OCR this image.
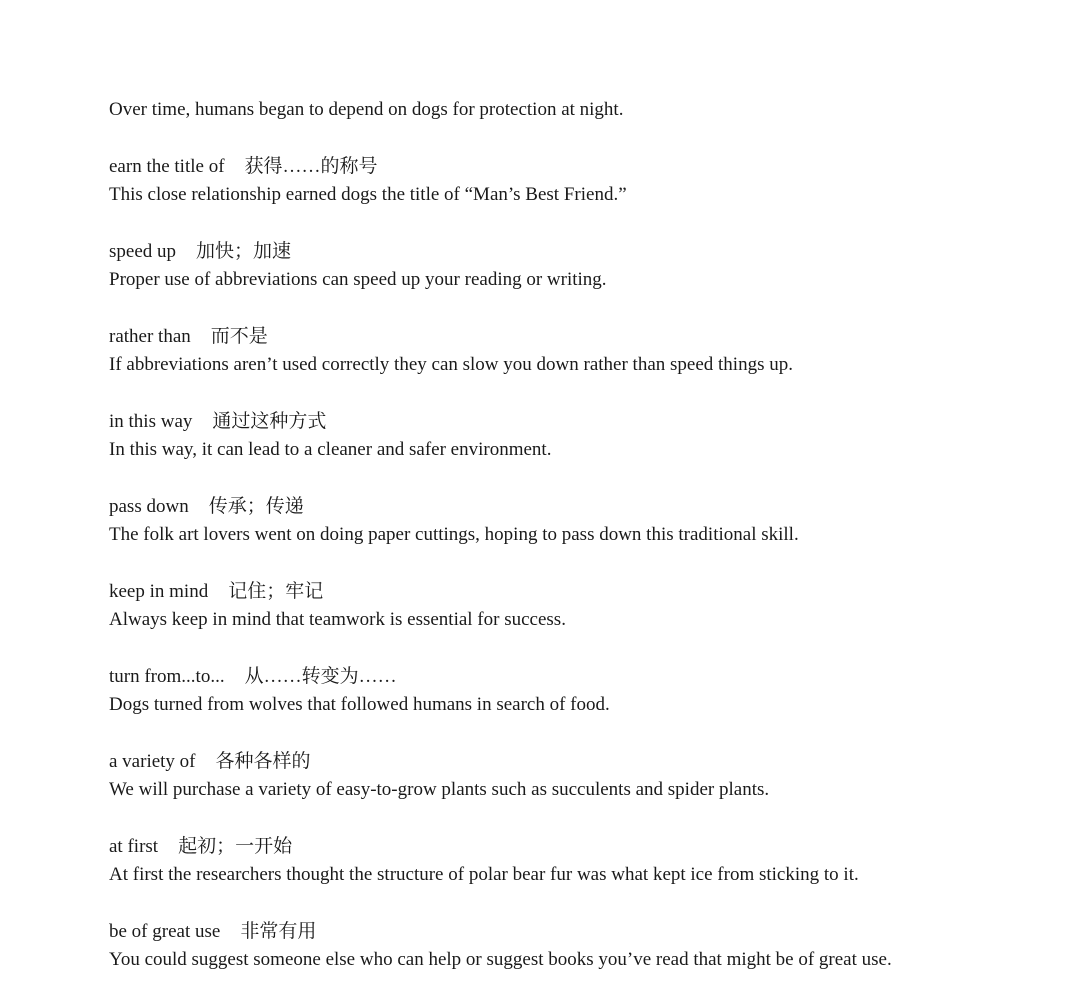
Over time, humans began to depend on dogs for protection at night.
earn the title of 获得……的称号
This close relationship earned dogs the title of “Man’s Best Friend.”
speed up 加快；加速
Proper use of abbreviations can speed up your reading or writing.
rather than 而不是
If abbreviations aren’t used correctly they can slow you down rather than speed things up.
in this way 通过这种方式
In this way, it can lead to a cleaner and safer environment.
pass down 传承；传递
The folk art lovers went on doing paper cuttings, hoping to pass down this traditional skill.
keep in mind 记住；牢记
Always keep in mind that teamwork is essential for success.
turn from...to... 从……转变为……
Dogs turned from wolves that followed humans in search of food.
a variety of 各种各样的
We will purchase a variety of easy-to-grow plants such as succulents and spider plants.
at first 起初；一开始
At first the researchers thought the structure of polar bear fur was what kept ice from sticking to it.
be of great use 非常有用
You could suggest someone else who can help or suggest books you’ve read that might be of great use.
